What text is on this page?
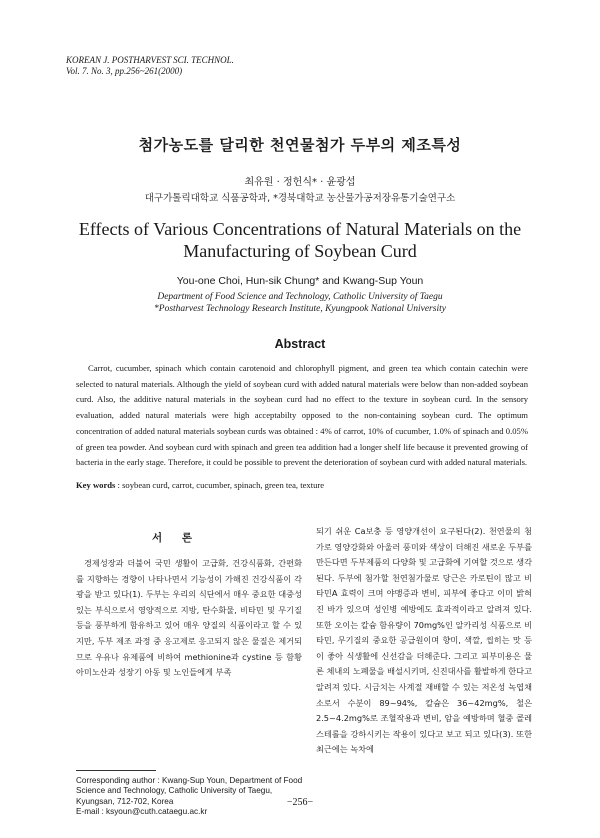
KOREAN J. POSTHARVEST SCI. TECHNOL.
Vol. 7. No. 3, pp.256~261(2000)
첨가농도를 달리한 천연물첨가 두부의 제조특성
최유원 · 정헌식* · 윤광섭
대구가톨릭대학교 식품공학과, *경북대학교 농산물가공저장유통기술연구소
Effects of Various Concentrations of Natural Materials on the Manufacturing of Soybean Curd
You-one Choi, Hun-sik Chung* and Kwang-Sup Youn
Department of Food Science and Technology, Catholic University of Taegu
*Postharvest Technology Research Institute, Kyungpook National University
Abstract
Carrot, cucumber, spinach which contain carotenoid and chlorophyll pigment, and green tea which contain catechin were selected to natural materials. Although the yield of soybean curd with added natural materials were below than non-added soybean curd. Also, the additive natural materials in the soybean curd had no effect to the texture in soybean curd. In the sensory evaluation, added natural materials were high acceptabilty opposed to the non-containing soybean curd. The optimum concentration of added natural materials soybean curds was obtained : 4% of carrot, 10% of cucumber, 1.0% of spinach and 0.05% of green tea powder. And soybean curd with spinach and green tea addition had a longer shelf life because it prevented growing of bacteria in the early stage. Therefore, it could be possible to prevent the deterioration of soybean curd with added natural materials.
Key words : soybean curd, carrot, cucumber, spinach, green tea, texture
서 론
경제성장과 더불어 국민 생활이 고급화, 건강식품화, 간편화를 지향하는 경향이 나타나면서 기능성이 가해진 건강식품이 각광을 받고 있다(1). 두부는 우리의 식단에서 매우 중요한 대중성 있는 부식으로서 영양적으로 지방, 탄수화물, 비타민 및 무기질 등을 풍부하게 함유하고 있어 매우 양질의 식품이라고 할 수 있지만, 두부 제조 과정 중 응고제로 응고되지 않은 물질은 제거되므로 우유나 유제품에 비하여 methionine과 cystine 등 함황아미노산과 성장기 아동 및 노인들에게 부족
되기 쉬운 Ca보충 등 영양개선이 요구된다(2). 천연물의 첨가로 영양강화와 아울러 풍미와 색상이 더해진 새로운 두부를 만든다면 두부제품의 다양화 및 고급화에 기여할 것으로 생각된다. 두부에 첨가할 천연첨가물로 당근은 카로틴이 많고 비타민A 효력이 크며 야맹증과 변비, 피부에 좋다고 이미 밝혀진 바가 있으며 성인병 예방에도 효과적이라고 알려져 있다. 또한 오이는 칼슘 함유량이 70mg%인 알카리성 식품으로 비타민, 무기질의 중요한 공급원이며 향미, 색깔, 씹히는 맛 등이 좋아 식생활에 신선감을 더해준다. 그리고 피부미용은 물론 체내의 노폐물을 배설시키며, 신진대사를 활발하게 한다고 알려져 있다. 시금치는 사계절 재배할 수 있는 저온성 녹엽채소로서 수분이 89~94%, 칼슘은 36~42mg%, 철은 2.5~4.2mg%로 조혈작용과 변비, 암을 예방하며 혈중 콜레스테롤을 강하시키는 작용이 있다고 보고 되고 있다(3). 또한 최근에는 녹차에
Corresponding author : Kwang-Sup Youn, Department of Food Science and Technology, Catholic University of Taegu, Kyungsan, 712-702, Korea
E-mail : ksyoun@cuth.cataegu.ac.kr
−256−
